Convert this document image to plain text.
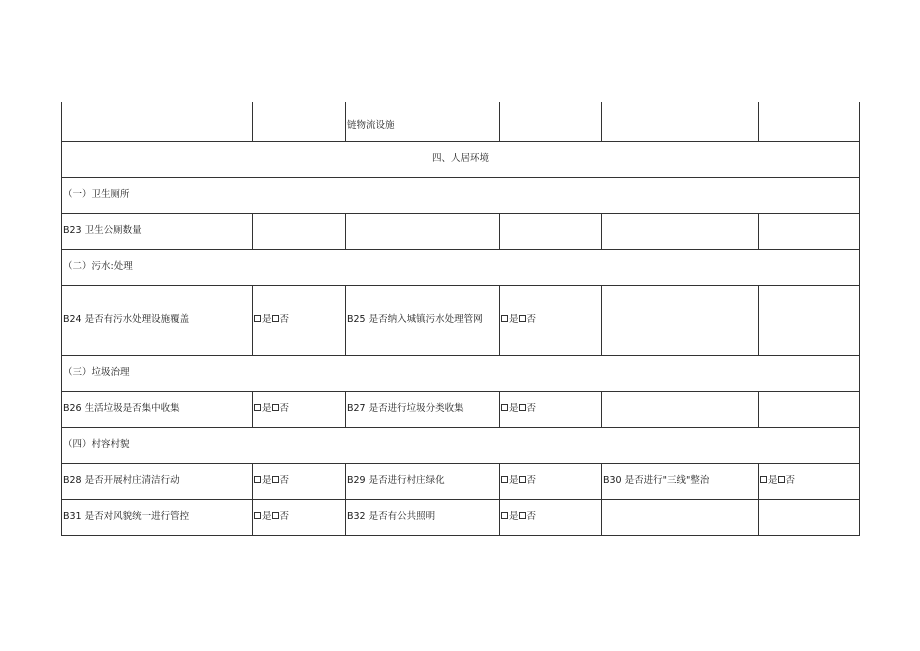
		链物流设施			
四、人居环境					
（一）卫生厕所					
B23 卫生公厕数量					
（二）污水:处理					
B24 是否有污水处理设施覆盖	是 否	B25 是否纳入城镇污水处理管网	是 否		
（三）垃圾治理					
B26 生活垃圾是否集中收集	是 否	B27 是否进行垃圾分类收集	是 否		
（四）村容村貌					
B28 是否开展村庄清洁行动	是 否	B29 是否进行村庄绿化	是 否	B30 是否进行"三线"整治	是 否
B31 是否对风貌统一进行管控	是 否	B32 是否有公共照明	是 否		
